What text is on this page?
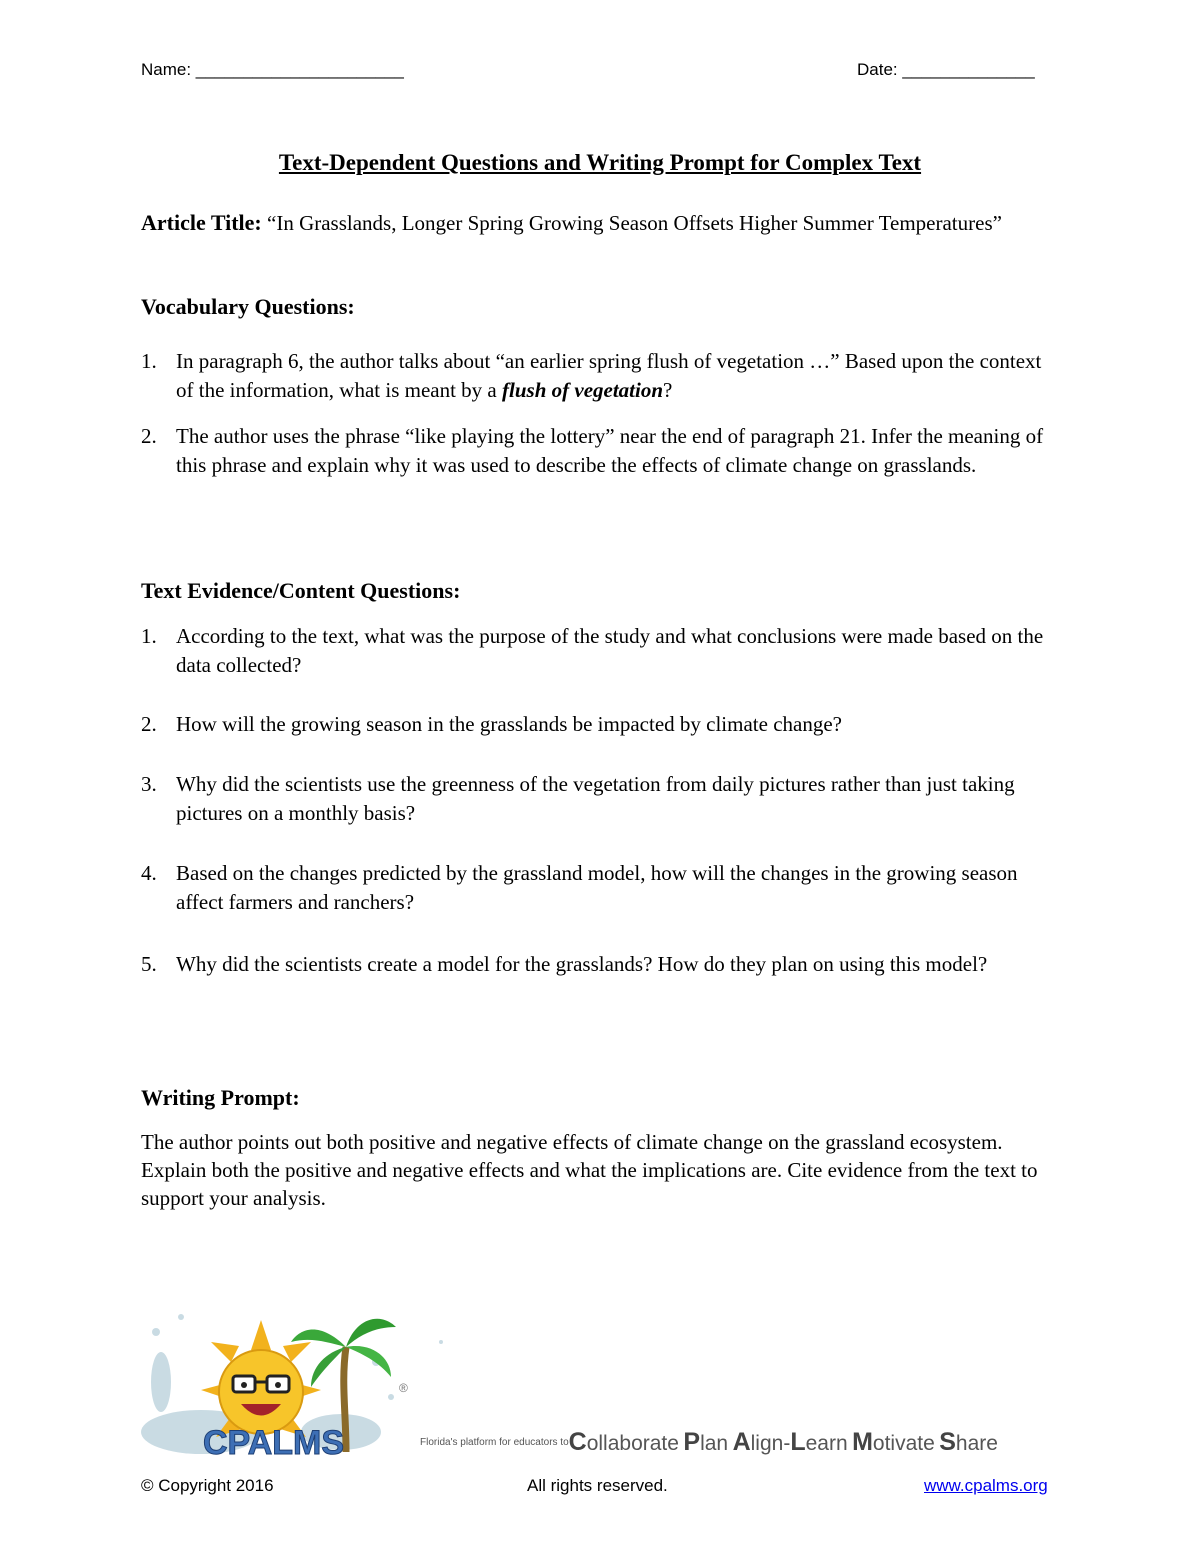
Name: ______________________	Date: ______________
Text-Dependent Questions and Writing Prompt for Complex Text
Article Title: “In Grasslands, Longer Spring Growing Season Offsets Higher Summer Temperatures”
Vocabulary Questions:
1. In paragraph 6, the author talks about “an earlier spring flush of vegetation …” Based upon the context of the information, what is meant by a flush of vegetation?
2. The author uses the phrase “like playing the lottery” near the end of paragraph 21. Infer the meaning of this phrase and explain why it was used to describe the effects of climate change on grasslands.
Text Evidence/Content Questions:
1. According to the text, what was the purpose of the study and what conclusions were made based on the data collected?
2. How will the growing season in the grasslands be impacted by climate change?
3. Why did the scientists use the greenness of the vegetation from daily pictures rather than just taking pictures on a monthly basis?
4. Based on the changes predicted by the grassland model, how will the changes in the growing season affect farmers and ranchers?
5. Why did the scientists create a model for the grasslands? How do they plan on using this model?
Writing Prompt:
The author points out both positive and negative effects of climate change on the grassland ecosystem. Explain both the positive and negative effects and what the implications are. Cite evidence from the text to support your analysis.
®
CPALMS	Florida's platform for educators toCollaborate Plan Align-Learn Motivate Share
© Copyright 2016	All rights reserved.	www.cpalms.org
